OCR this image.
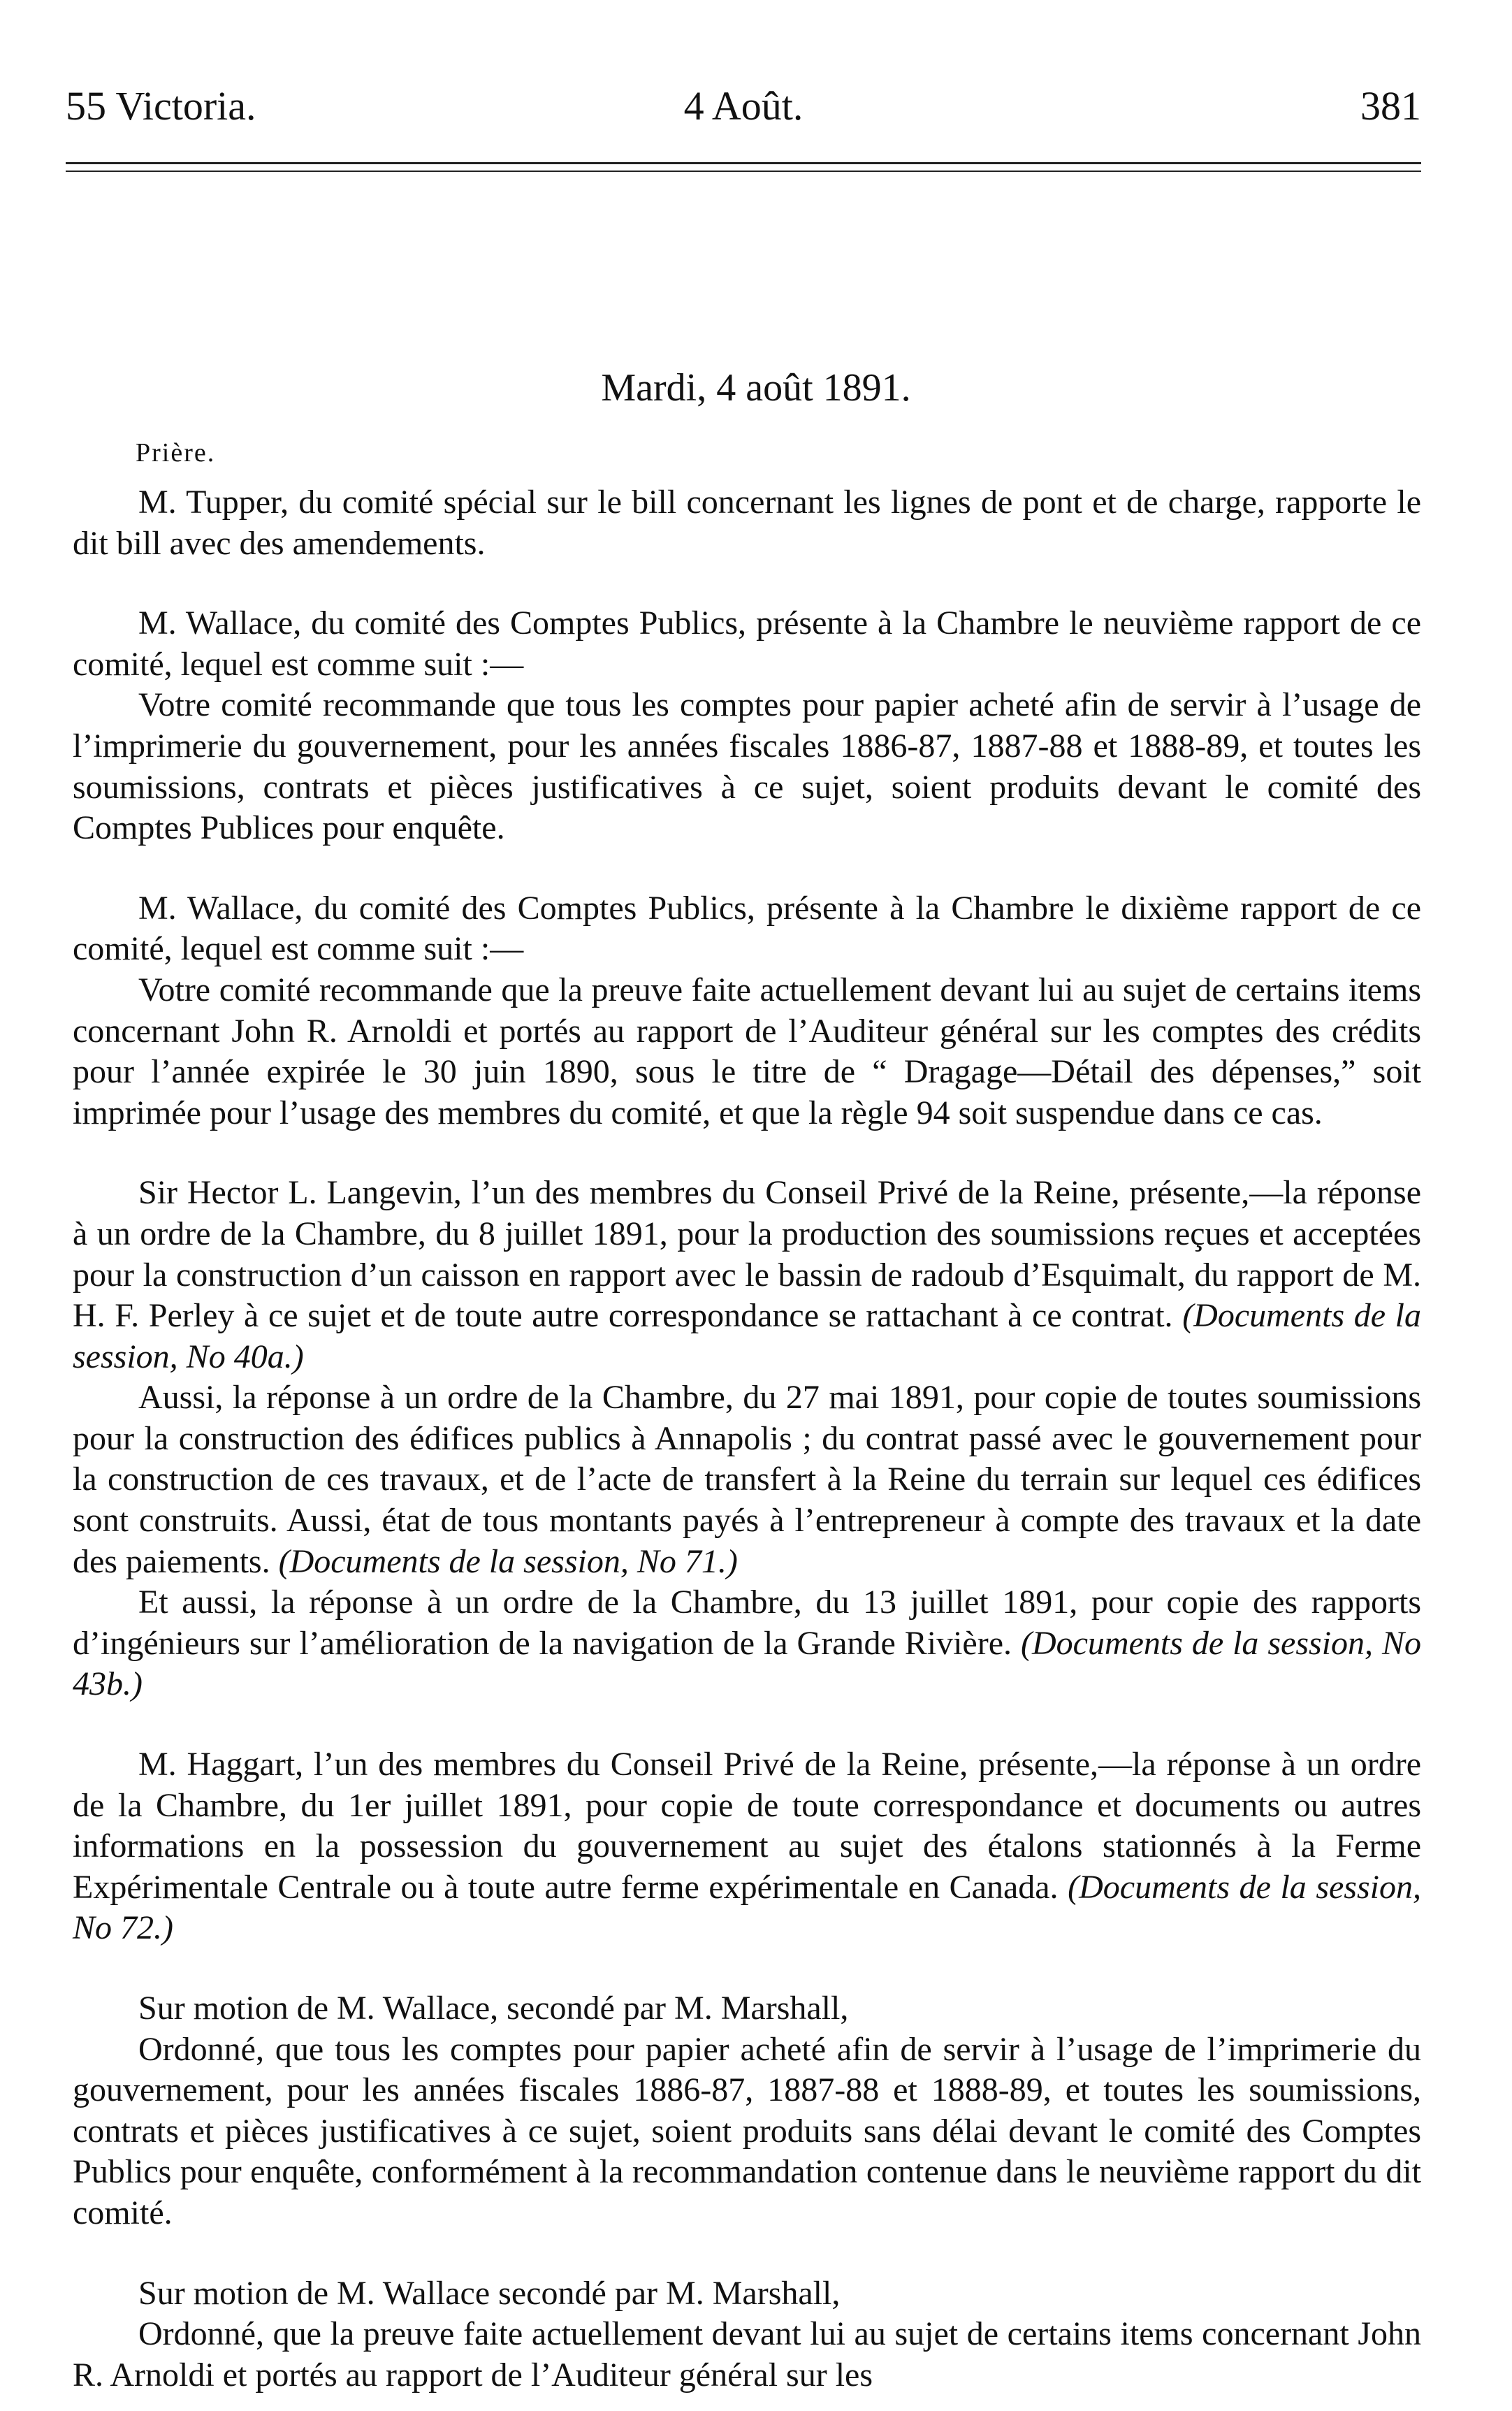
55 Victoria.	4 Août.	381
Mardi, 4 août 1891.
Prière.

M. Tupper, du comité spécial sur le bill concernant les lignes de pont et de charge, rapporte le dit bill avec des amendements.

M. Wallace, du comité des Comptes Publics, présente à la Chambre le neuvième rapport de ce comité, lequel est comme suit :—

Votre comité recommande que tous les comptes pour papier acheté afin de servir à l’usage de l’imprimerie du gouvernement, pour les années fiscales 1886-87, 1887-88 et 1888-89, et toutes les soumissions, contrats et pièces justificatives à ce sujet, soient produits devant le comité des Comptes Publices pour enquête.

M. Wallace, du comité des Comptes Publics, présente à la Chambre le dixième rapport de ce comité, lequel est comme suit :—

Votre comité recommande que la preuve faite actuellement devant lui au sujet de certains items concernant John R. Arnoldi et portés au rapport de l’Auditeur général sur les comptes des crédits pour l’année expirée le 30 juin 1890, sous le titre de “ Dragage—Détail des dépenses,” soit imprimée pour l’usage des membres du comité, et que la règle 94 soit suspendue dans ce cas.

Sir Hector L. Langevin, l’un des membres du Conseil Privé de la Reine, présente,—la réponse à un ordre de la Chambre, du 8 juillet 1891, pour la production des soumissions reçues et acceptées pour la construction d’un caisson en rapport avec le bassin de radoub d’Esquimalt, du rapport de M. H. F. Perley à ce sujet et de toute autre correspondance se rattachant à ce contrat. (Documents de la session, No 40a.)

Aussi, la réponse à un ordre de la Chambre, du 27 mai 1891, pour copie de toutes soumissions pour la construction des édifices publics à Annapolis ; du contrat passé avec le gouvernement pour la construction de ces travaux, et de l’acte de transfert à la Reine du terrain sur lequel ces édifices sont construits. Aussi, état de tous montants payés à l’entrepreneur à compte des travaux et la date des paiements. (Documents de la session, No 71.)

Et aussi, la réponse à un ordre de la Chambre, du 13 juillet 1891, pour copie des rapports d’ingénieurs sur l’amélioration de la navigation de la Grande Rivière. (Documents de la session, No 43b.)

M. Haggart, l’un des membres du Conseil Privé de la Reine, présente,—la réponse à un ordre de la Chambre, du 1er juillet 1891, pour copie de toute correspondance et documents ou autres informations en la possession du gouvernement au sujet des étalons stationnés à la Ferme Expérimentale Centrale ou à toute autre ferme expérimentale en Canada. (Documents de la session, No 72.)

Sur motion de M. Wallace, secondé par M. Marshall,

Ordonné, que tous les comptes pour papier acheté afin de servir à l’usage de l’imprimerie du gouvernement, pour les années fiscales 1886-87, 1887-88 et 1888-89, et toutes les soumissions, contrats et pièces justificatives à ce sujet, soient produits sans délai devant le comité des Comptes Publics pour enquête, conformément à la recommandation contenue dans le neuvième rapport du dit comité.

Sur motion de M. Wallace secondé par M. Marshall,

Ordonné, que la preuve faite actuellement devant lui au sujet de certains items concernant John R. Arnoldi et portés au rapport de l’Auditeur général sur les
